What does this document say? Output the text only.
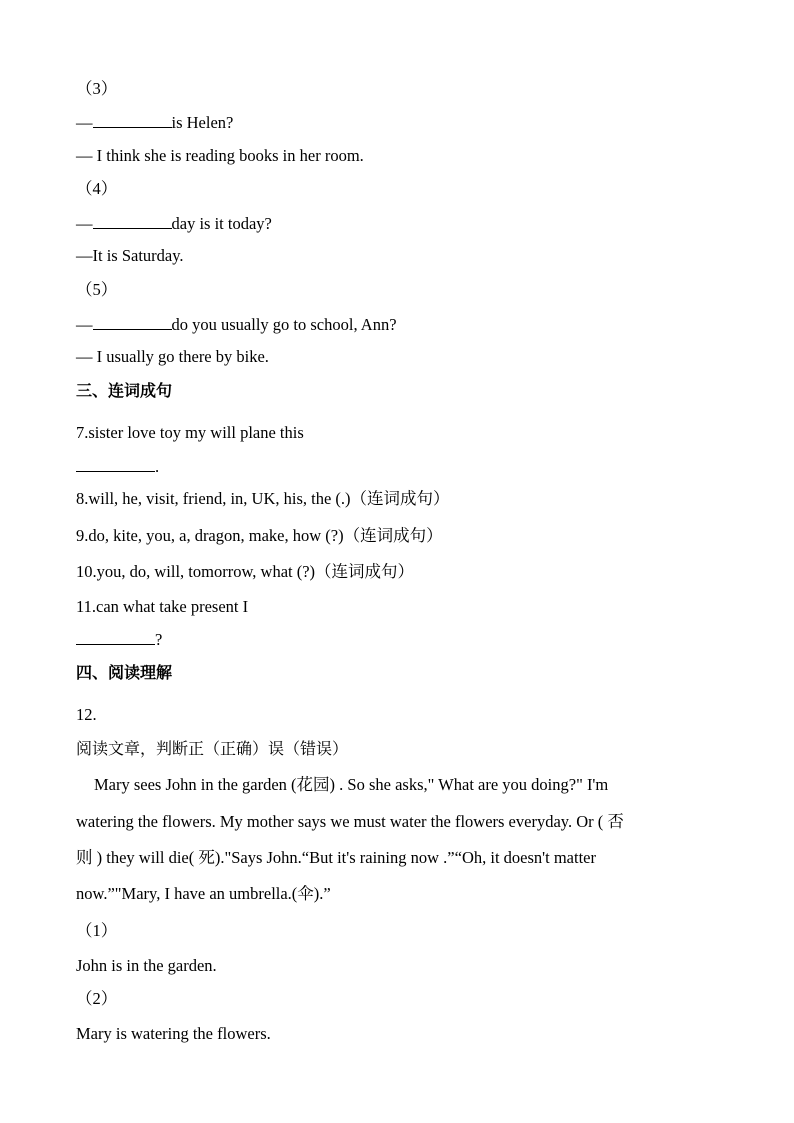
（3）
—	is Helen?
— I think she is reading books in her room.
（4）
—	day is it today?
—It is Saturday.
（5）
—	do you usually go to school, Ann?
— I usually go there by bike.
三、连词成句
7.sister love toy my will plane this
.
8.will, he, visit, friend, in, UK, his, the (.)（连词成句）
9.do, kite, you, a, dragon, make, how (?)（连词成句）
10.you, do, will, tomorrow, what (?)（连词成句）
11.can what take present I
?
四、阅读理解
12.
阅读文章，判断正（正确）误（错误）
Mary sees John in the garden (花园) . So she asks," What are you doing?" I'm
watering the flowers. My mother says we must water the flowers everyday. Or ( 否
则 ) they will die( 死)."Says John.“But it's raining now .”“Oh, it doesn't matter
now.”"Mary, I have an umbrella.(伞).”
（1）
John is in the garden.
（2）
Mary is watering the flowers.
